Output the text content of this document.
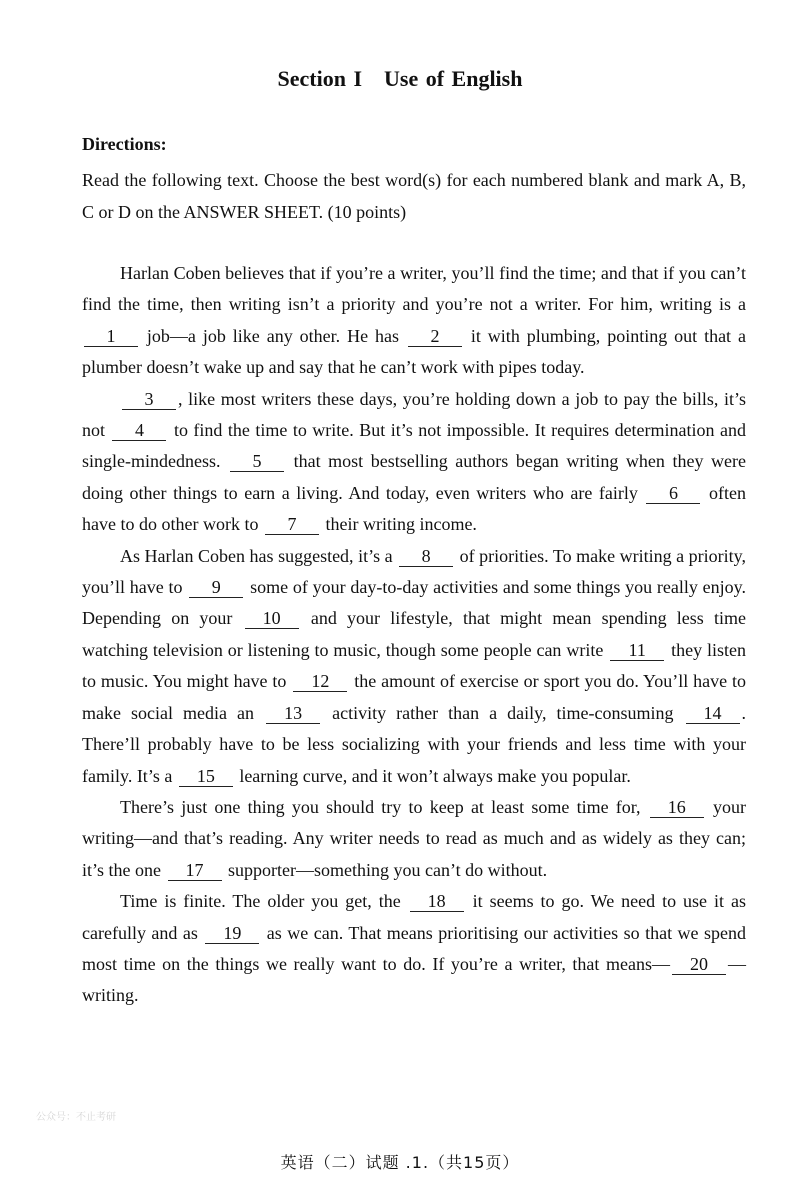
Section I Use of English
Directions:
Read the following text. Choose the best word(s) for each numbered blank and mark A, B, C or D on the ANSWER SHEET. (10 points)

Harlan Coben believes that if you’re a writer, you’ll find the time; and that if you can’t find the time, then writing isn’t a priority and you’re not a writer. For him, writing is a 1 job—a job like any other. He has 2 it with plumbing, pointing out that a plumber doesn’t wake up and say that he can’t work with pipes today.

3 , like most writers these days, you’re holding down a job to pay the bills, it’s not 4 to find the time to write. But it’s not impossible. It requires determination and single-mindedness. 5 that most bestselling authors began writing when they were doing other things to earn a living. And today, even writers who are fairly 6 often have to do other work to 7 their writing income.

As Harlan Coben has suggested, it’s a 8 of priorities. To make writing a priority, you’ll have to 9 some of your day-to-day activities and some things you really enjoy. Depending on your 10 and your lifestyle, that might mean spending less time watching television or listening to music, though some people can write 11 they listen to music. You might have to 12 the amount of exercise or sport you do. You’ll have to make social media an 13 activity rather than a daily, time-consuming 14 . There’ll probably have to be less socializing with your friends and less time with your family. It’s a 15 learning curve, and it won’t always make you popular.

There’s just one thing you should try to keep at least some time for, 16 your writing—and that’s reading. Any writer needs to read as much and as widely as they can; it’s the one 17 supporter—something you can’t do without.

Time is finite. The older you get, the 18 it seems to go. We need to use it as carefully and as 19 as we can. That means prioritising our activities so that we spend most time on the things we really want to do. If you’re a writer, that means— 20 —writing.

公众号：不止考研
英语（二）试题 .1.（共15页）
